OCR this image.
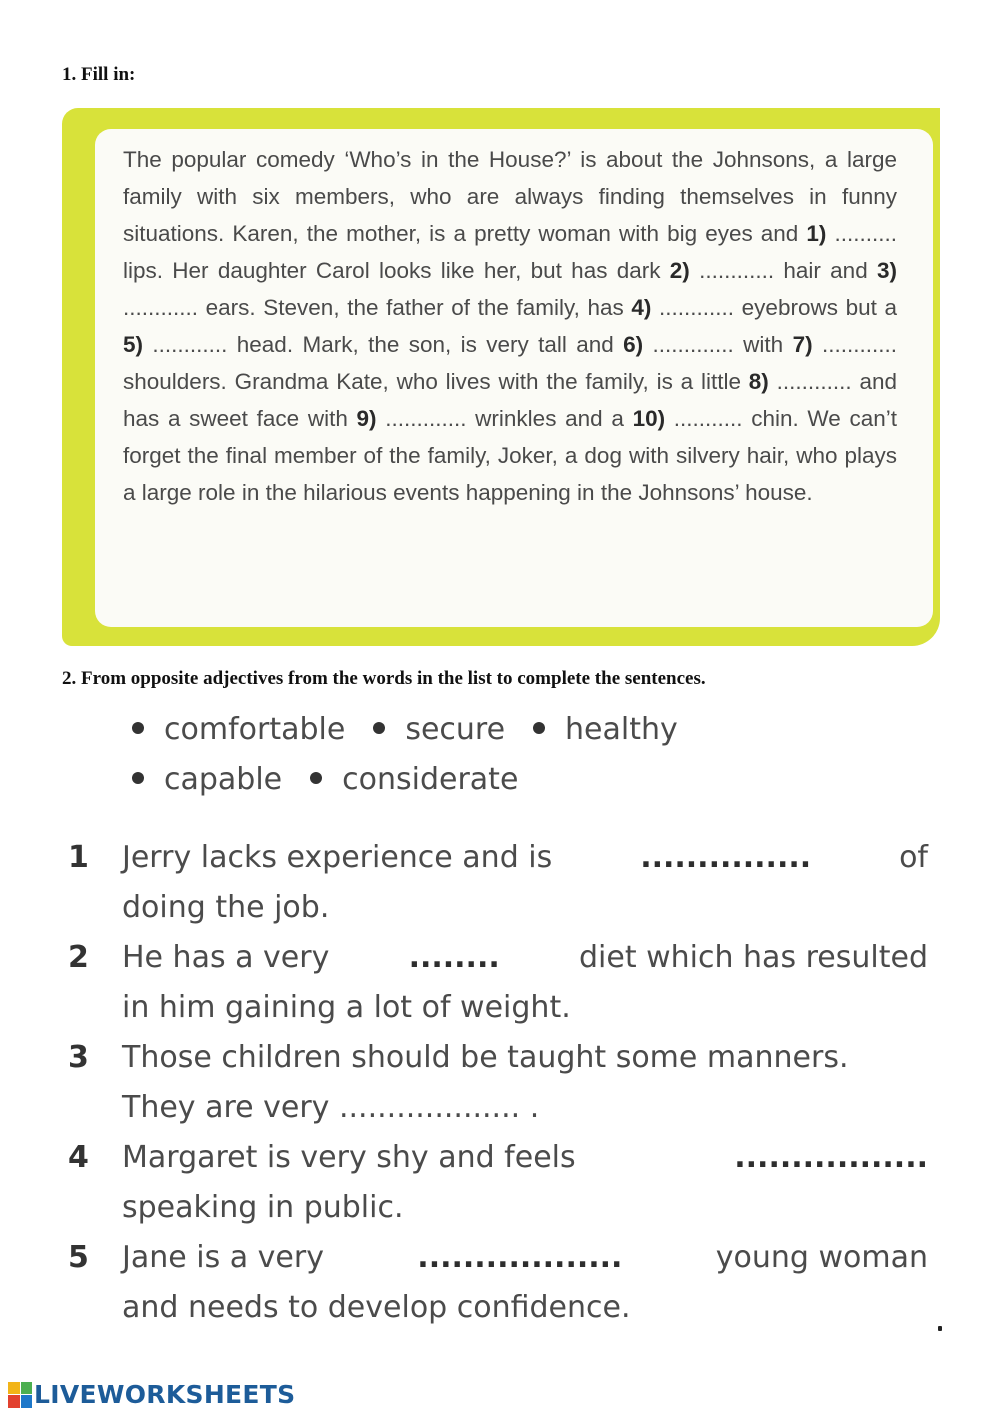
1. Fill in:

The popular comedy ‘Who’s in the House?’ is about the Johnsons, a large family with six members, who are always finding themselves in funny situations. Karen, the mother, is a pretty woman with big eyes and 1) .......... lips. Her daughter Carol looks like her, but has dark 2) ............ hair and 3) ............ ears. Steven, the father of the family, has 4) ............ eyebrows but a 5) ............ head. Mark, the son, is very tall and 6) ............. with 7) ............ shoulders. Grandma Kate, who lives with the family, is a little 8) ............ and has a sweet face with 9) ............. wrinkles and a 10) ........... chin. We can’t forget the final member of the family, Joker, a dog with silvery hair, who plays a large role in the hilarious events happening in the Johnsons’ house.

2. From opposite adjectives from the words in the list to complete the sentences.
comfortable secure healthy
capable considerate
1 Jerry lacks experience and is	...............	of
doing the job.
2 He has a very	........	diet which has resulted
in him gaining a lot of weight.
3 Those children should be taught some manners.
They are very ................... .
4 Margaret is very shy and feels	.................
speaking in public.
5 Jane is a very	..................	young woman
and needs to develop confidence.
LIVEWORKSHEETS
